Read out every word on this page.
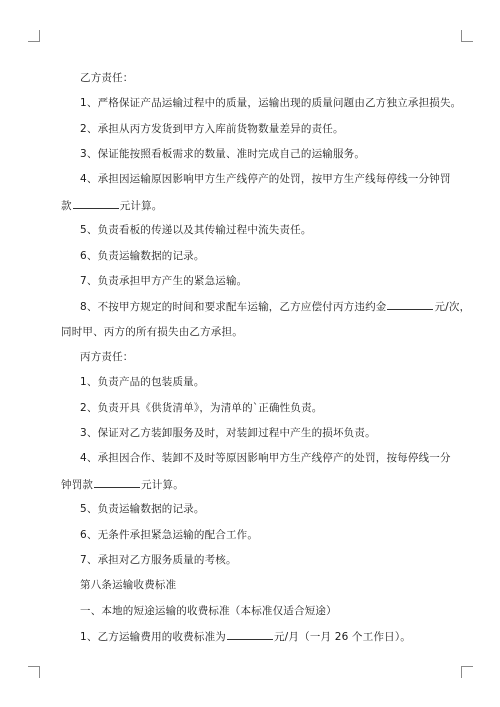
乙方责任：
1、严格保证产品运输过程中的质量，运输出现的质量问题由乙方独立承担损失。
2、承担从丙方发货到甲方入库前货物数量差异的责任。
3、保证能按照看板需求的数量、准时完成自己的运输服务。
4、承担因运输原因影响甲方生产线停产的处罚，按甲方生产线每停线一分钟罚
款	元计算。
5、负责看板的传递以及其传输过程中流失责任。
6、负责运输数据的记录。
7、负责承担甲方产生的紧急运输。
8、不按甲方规定的时间和要求配车运输，乙方应偿付丙方违约金	元/次，
同时甲、丙方的所有损失由乙方承担。
丙方责任：
1、负责产品的包装质量。
2、负责开具《供货清单》，为清单的`正确性负责。
3、保证对乙方装卸服务及时，对装卸过程中产生的损坏负责。
4、承担因合作、装卸不及时等原因影响甲方生产线停产的处罚，按每停线一分
钟罚款	元计算。
5、负责运输数据的记录。
6、无条件承担紧急运输的配合工作。
7、承担对乙方服务质量的考核。
第八条运输收费标准
一、本地的短途运输的收费标准（本标准仅适合短途）
1、乙方运输费用的收费标准为	元/月（一月 26 个工作日）。
